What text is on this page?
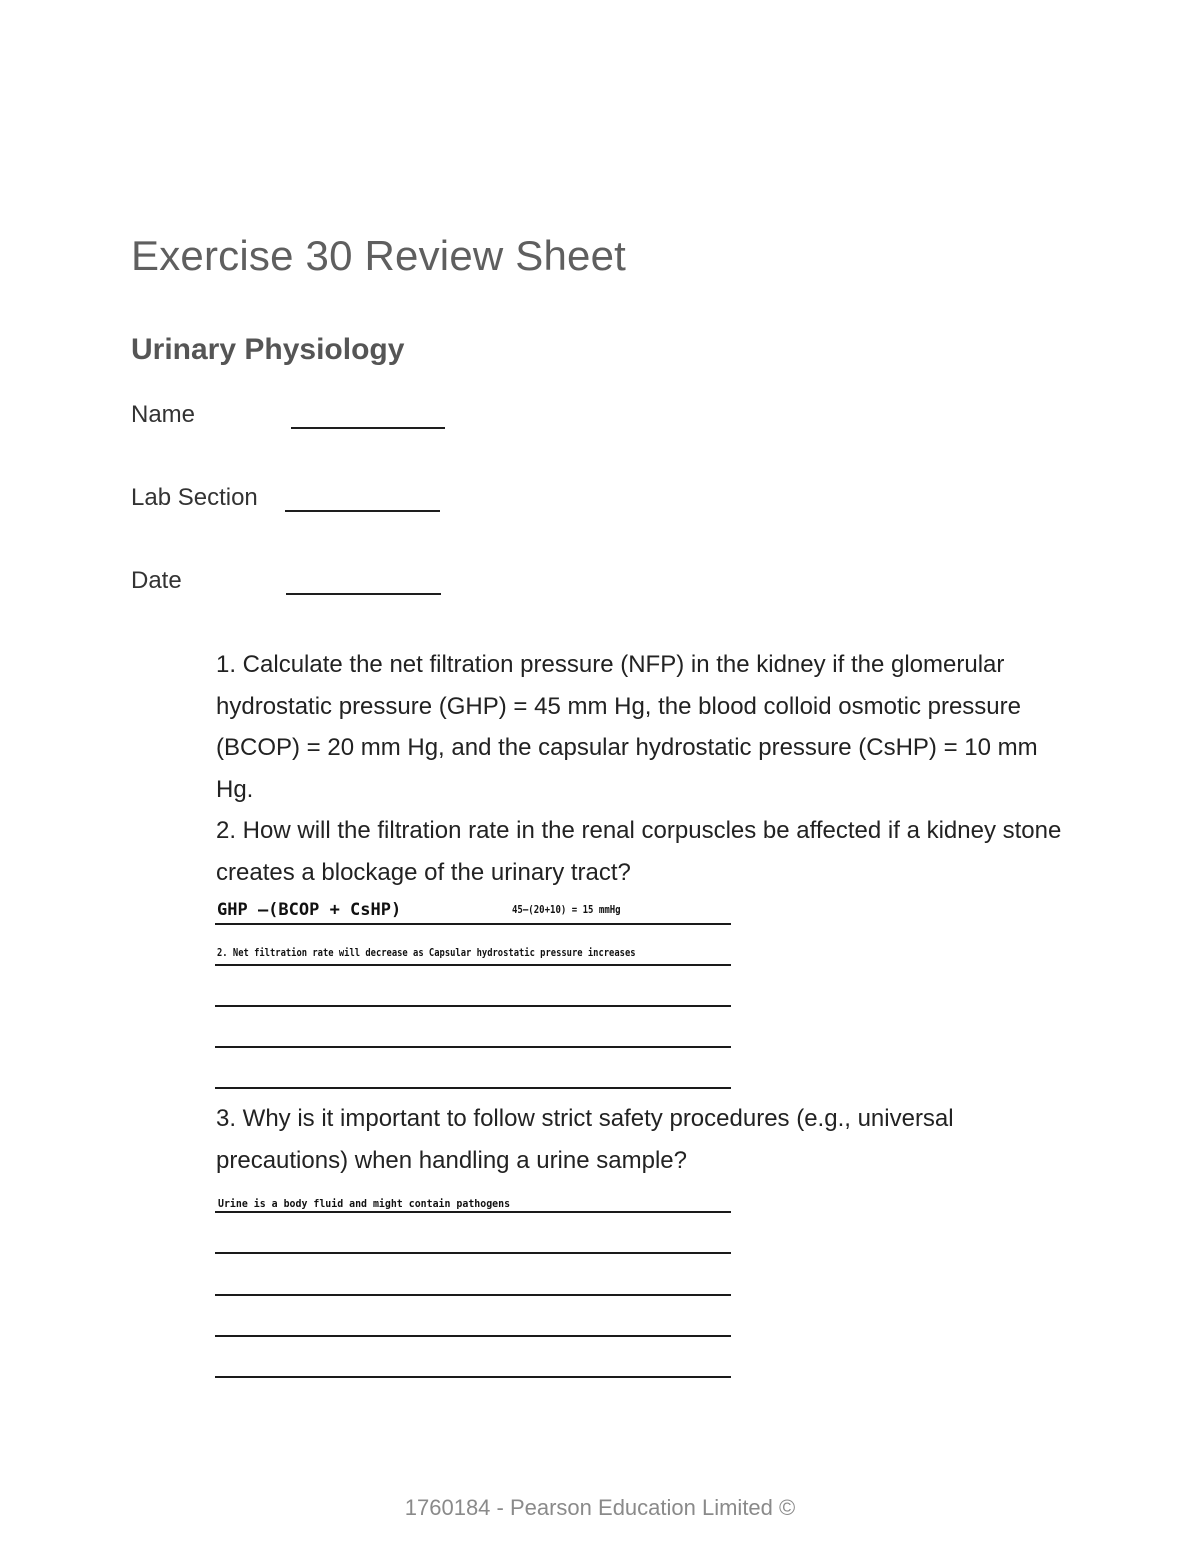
Exercise 30 Review Sheet
Urinary Physiology
Name
Lab Section
Date
1. Calculate the net filtration pressure (NFP) in the kidney if the glomerular hydrostatic pressure (GHP) = 45 mm Hg, the blood colloid osmotic pressure (BCOP) = 20 mm Hg, and the capsular hydrostatic pressure (CsHP) = 10 mm Hg.
2. How will the filtration rate in the renal corpuscles be affected if a kidney stone creates a blockage of the urinary tract?
GHP —(BCOP + CsHP)	45—(20+10) = 15 mmHg
2. Net filtration rate will decrease as Capsular hydrostatic pressure increases
3. Why is it important to follow strict safety procedures (e.g., universal precautions) when handling a urine sample?
Urine is a body fluid and might contain pathogens
1760184 - Pearson Education Limited ©
